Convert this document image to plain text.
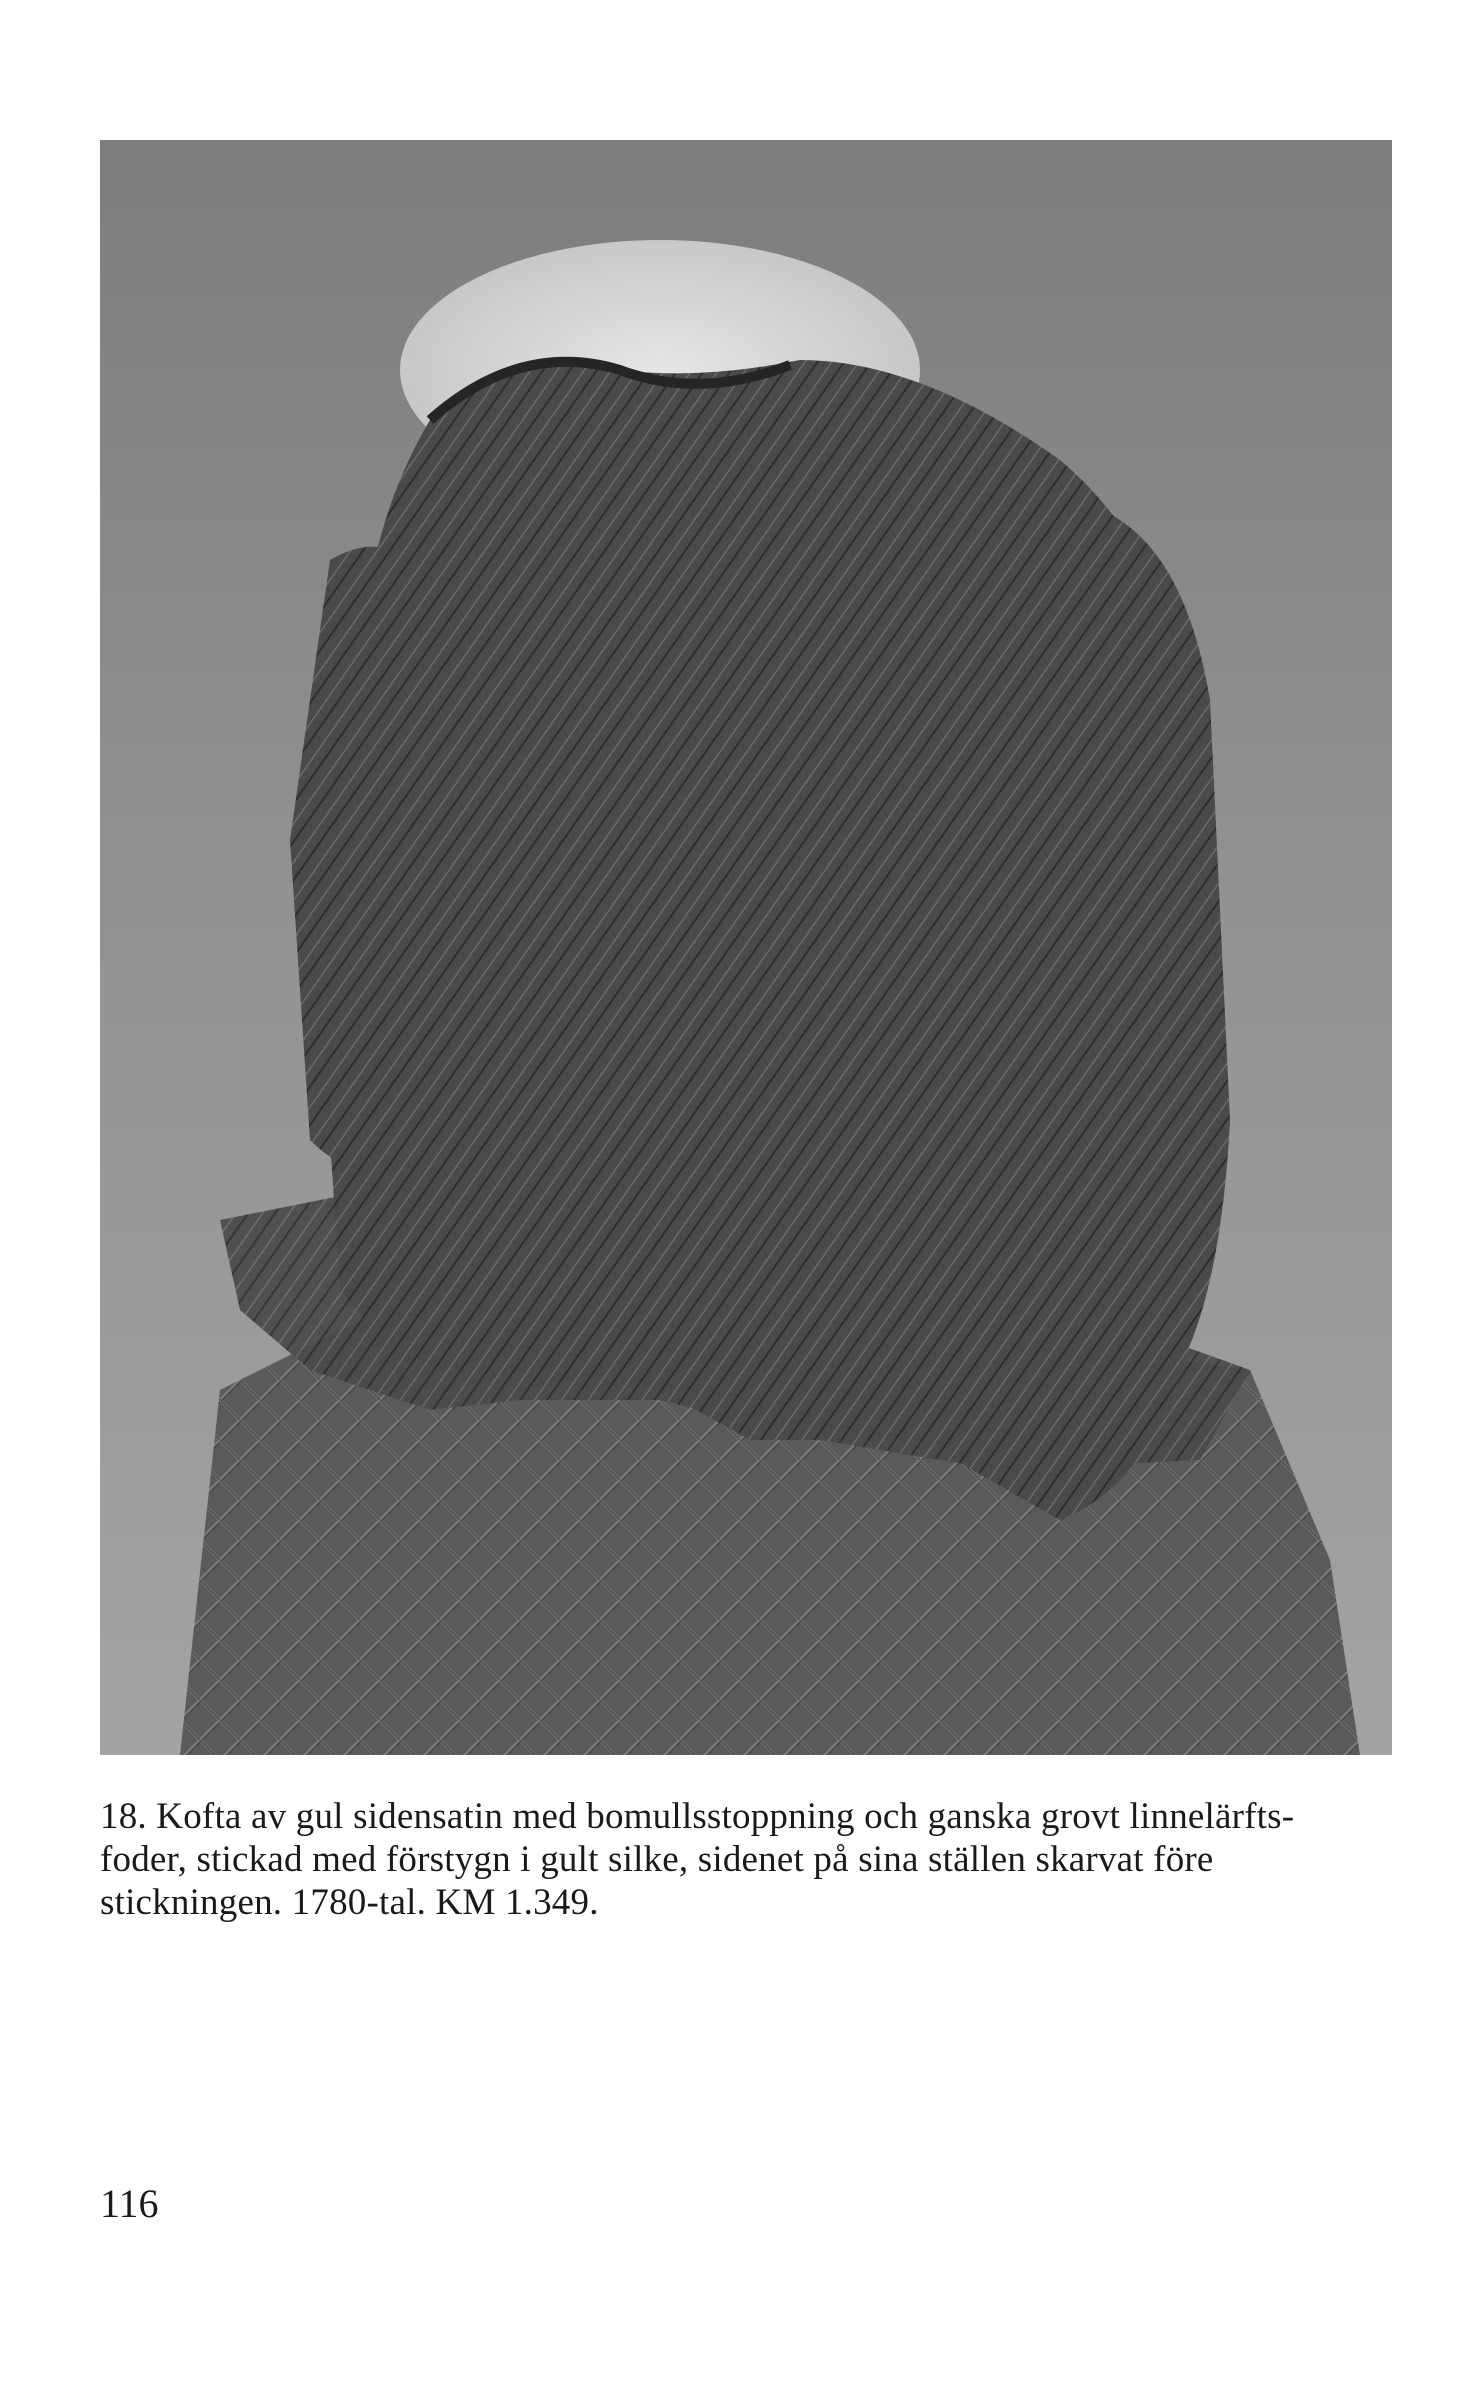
18. Kofta av gul sidensatin med bomullsstoppning och ganska grovt linnelärfts-
foder, stickad med förstygn i gult silke, sidenet på sina ställen skarvat före
stickningen. 1780-tal. KM 1.349.

116
